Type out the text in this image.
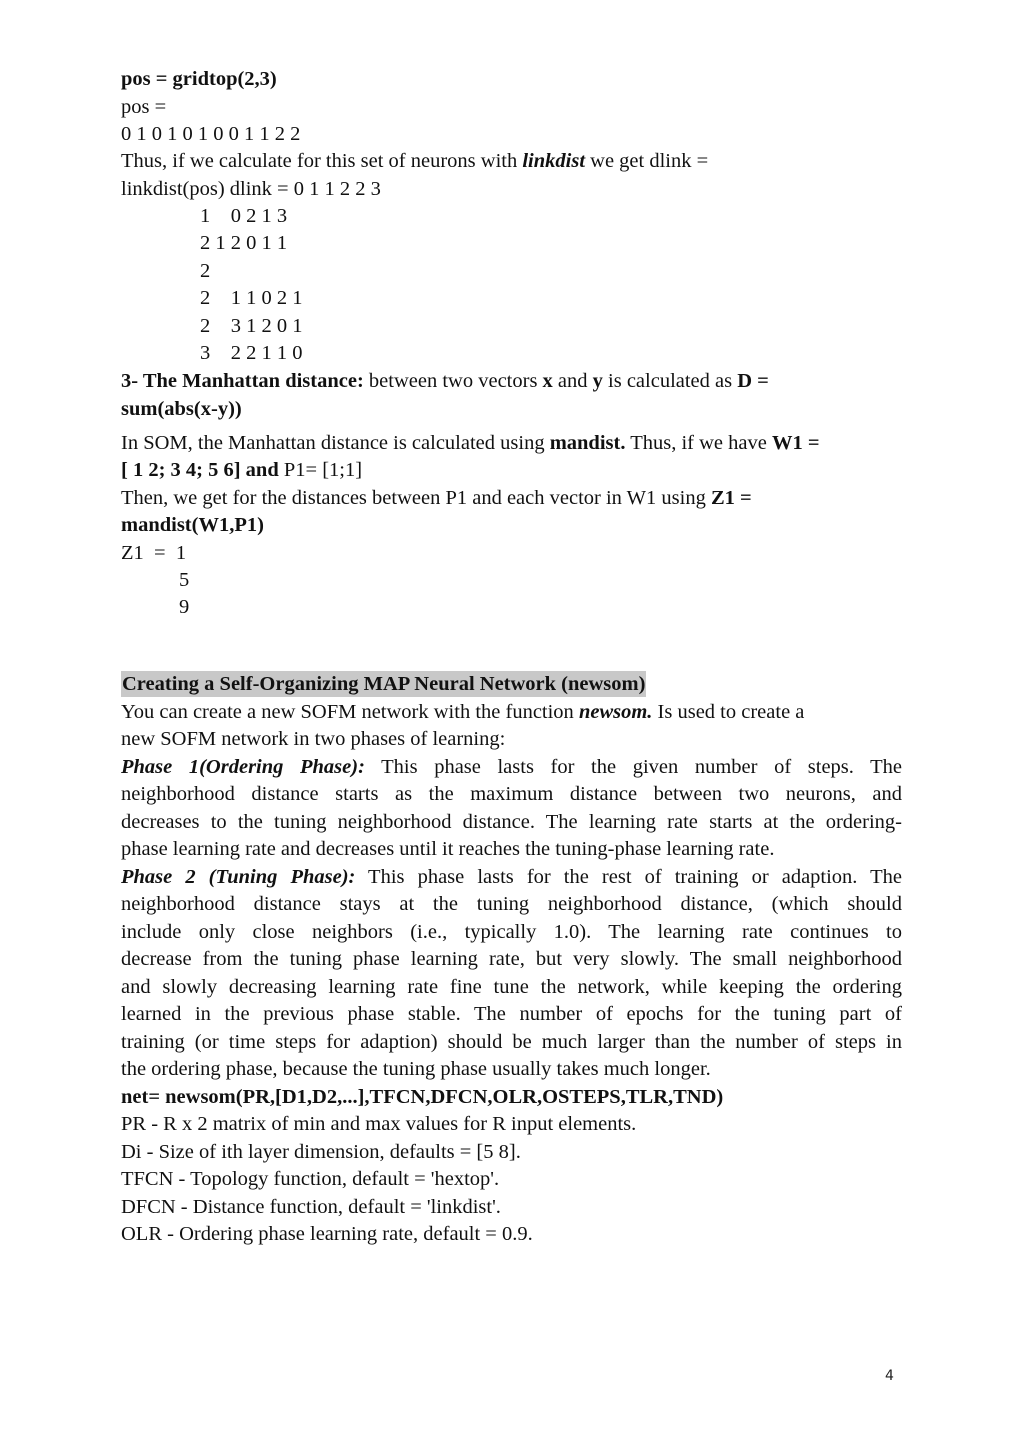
pos = gridtop(2,3)
pos =
0 1 0 1 0 1 0 0 1 1 2 2
Thus, if we calculate for this set of neurons with linkdist we get dlink =
linkdist(pos) dlink = 0 1 1 2 2 3
1    0 2 1 3
2 1 2 0 1 1
2
2    1 1 0 2 1
2    3 1 2 0 1
3    2 2 1 1 0
3- The Manhattan distance: between two vectors x and y is calculated as D =
sum(abs(x-y))
In SOM, the Manhattan distance is calculated using mandist. Thus, if we have W1 =
[ 1 2; 3 4; 5 6] and P1= [1;1]
Then, we get for the distances between P1 and each vector in W1 using Z1 =
mandist(W1,P1)
Z1  =  1
5
9
Creating a Self-Organizing MAP Neural Network (newsom)
You can create a new SOFM network with the function newsom. Is used to create a
new SOFM network in two phases of learning:
Phase 1(Ordering Phase): This phase lasts for the given number of steps. The
neighborhood distance starts as the maximum distance between two neurons, and
decreases to the tuning neighborhood distance. The learning rate starts at the ordering-
phase learning rate and decreases until it reaches the tuning-phase learning rate.
Phase 2 (Tuning Phase): This phase lasts for the rest of training or adaption. The
neighborhood distance stays at the tuning neighborhood distance, (which should
include only close neighbors (i.e., typically 1.0). The learning rate continues to
decrease from the tuning phase learning rate, but very slowly. The small neighborhood
and slowly decreasing learning rate fine tune the network, while keeping the ordering
learned in the previous phase stable. The number of epochs for the tuning part of
training (or time steps for adaption) should be much larger than the number of steps in
the ordering phase, because the tuning phase usually takes much longer.
net= newsom(PR,[D1,D2,...],TFCN,DFCN,OLR,OSTEPS,TLR,TND)
PR - R x 2 matrix of min and max values for R input elements.
Di - Size of ith layer dimension, defaults = [5 8].
TFCN - Topology function, default = 'hextop'.
DFCN - Distance function, default = 'linkdist'.
OLR - Ordering phase learning rate, default = 0.9.
4
